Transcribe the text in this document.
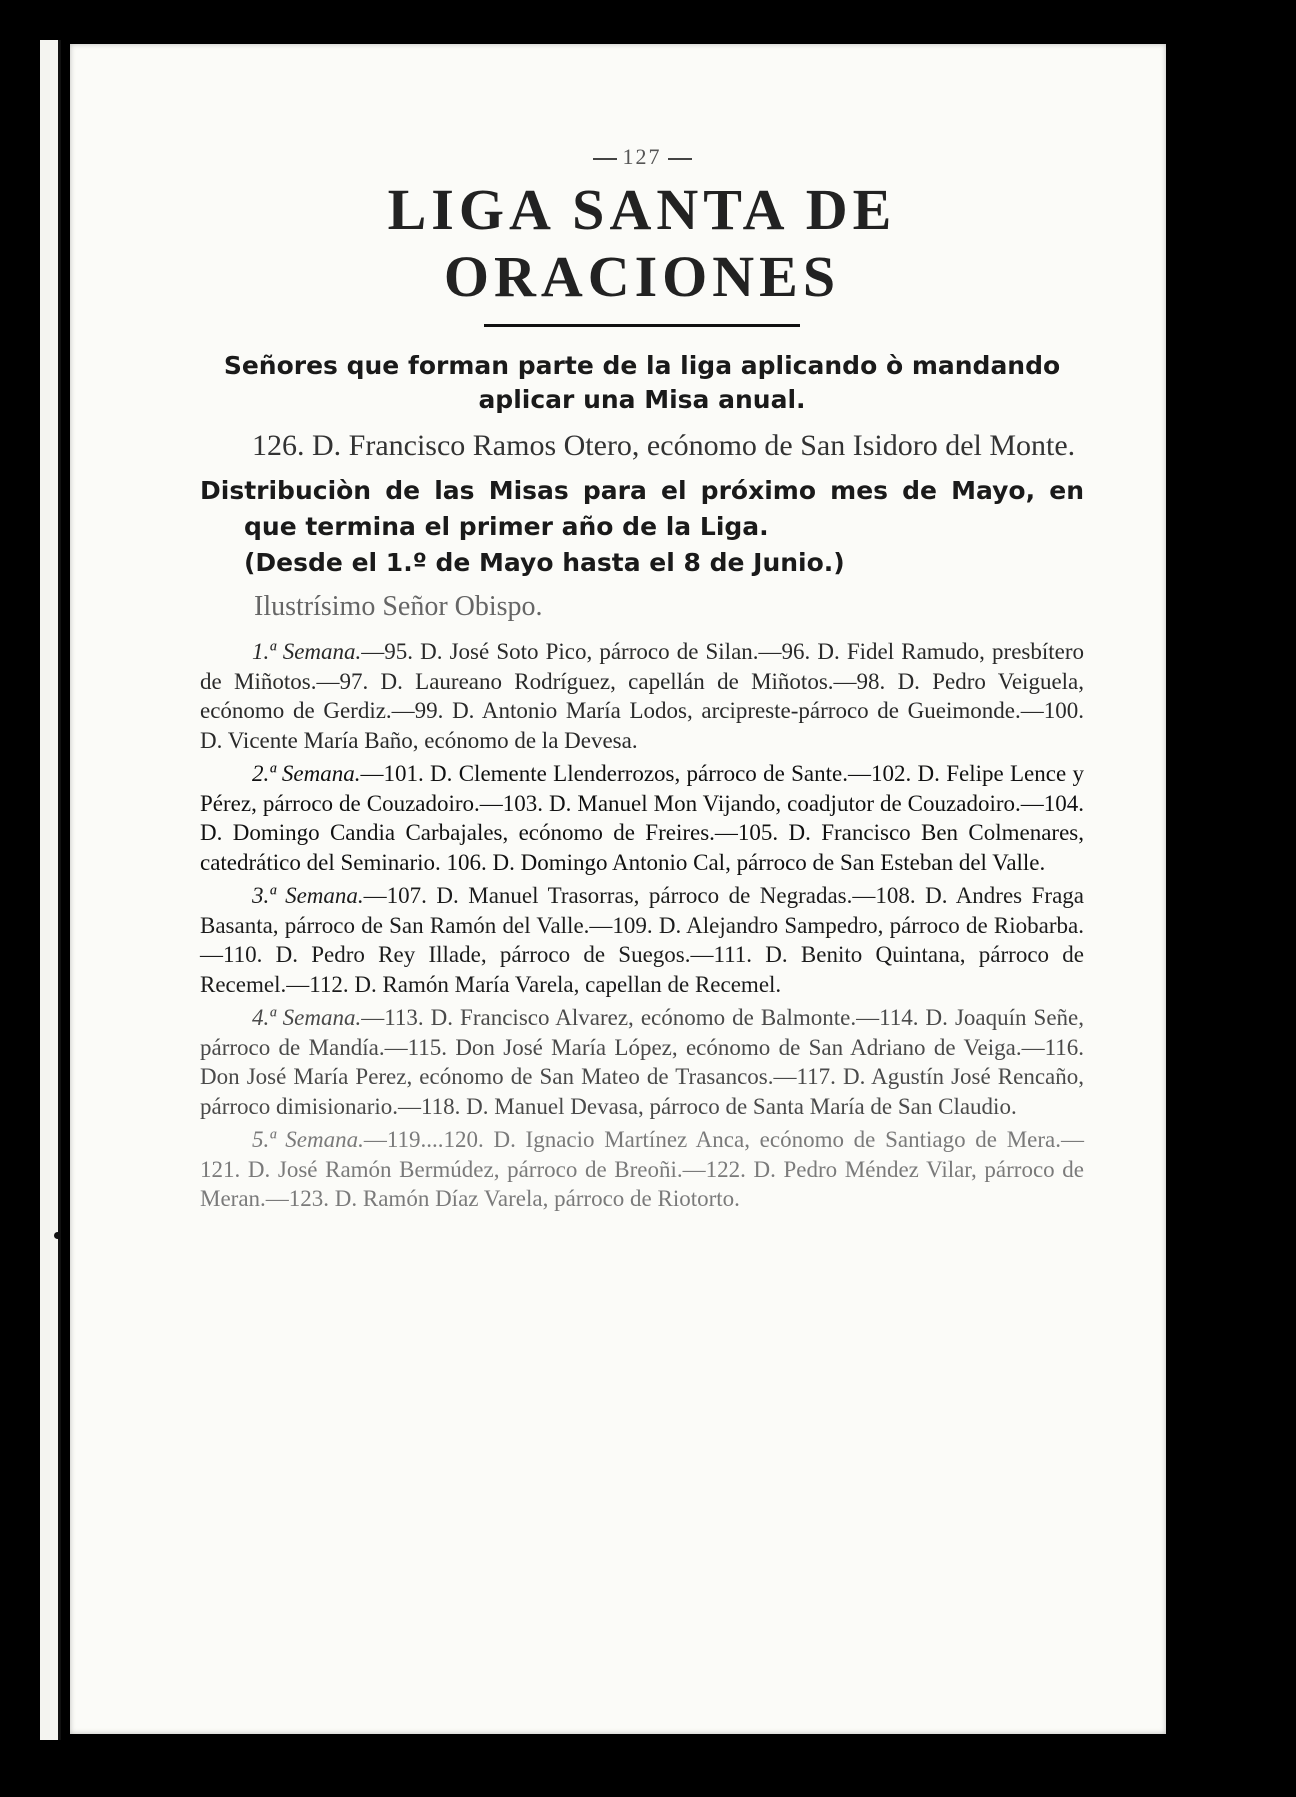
127
LIGA SANTA DE ORACIONES
Señores que forman parte de la liga aplicando ò mandando aplicar una Misa anual.

126. D. Francisco Ramos Otero, ecónomo de San Isidoro del Monte.

Distribuciòn de las Misas para el próximo mes de Mayo, en que termina el primer año de la Liga.
(Desde el 1.º de Mayo hasta el 8 de Junio.)
Ilustrísimo Señor Obispo.

1.ª Semana.—95. D. José Soto Pico, párroco de Silan.—96. D. Fidel Ramudo, presbítero de Miñotos.—97. D. Laureano Rodríguez, capellán de Miñotos.—98. D. Pedro Veiguela, ecónomo de Gerdiz.—99. D. Antonio María Lodos, arcipreste-párroco de Gueimonde.—100. D. Vicente María Baño, ecónomo de la Devesa.

2.ª Semana.—101. D. Clemente Llenderrozos, párroco de Sante.—102. D. Felipe Lence y Pérez, párroco de Couzadoiro.—103. D. Manuel Mon Vijando, coadjutor de Couzadoiro.—104. D. Domingo Candia Carbajales, ecónomo de Freires.—105. D. Francisco Ben Colmenares, catedrático del Seminario. 106. D. Domingo Antonio Cal, párroco de San Esteban del Valle.

3.ª Semana.—107. D. Manuel Trasorras, párroco de Negradas.—108. D. Andres Fraga Basanta, párroco de San Ramón del Valle.—109. D. Alejandro Sampedro, párroco de Riobarba.—110. D. Pedro Rey Illade, párroco de Suegos.—111. D. Benito Quintana, párroco de Recemel.—112. D. Ramón María Varela, capellan de Recemel.

4.ª Semana.—113. D. Francisco Alvarez, ecónomo de Balmonte.—114. D. Joaquín Señe, párroco de Mandía.—115. Don José María López, ecónomo de San Adriano de Veiga.—116. Don José María Perez, ecónomo de San Mateo de Trasancos.—117. D. Agustín José Rencaño, párroco dimisionario.—118. D. Manuel Devasa, párroco de Santa María de San Claudio.

5.ª Semana.—119....120. D. Ignacio Martínez Anca, ecónomo de Santiago de Mera.—121. D. José Ramón Bermúdez, párroco de Breoñi.—122. D. Pedro Méndez Vilar, párroco de Meran.—123. D. Ramón Díaz Varela, párroco de Riotorto.
